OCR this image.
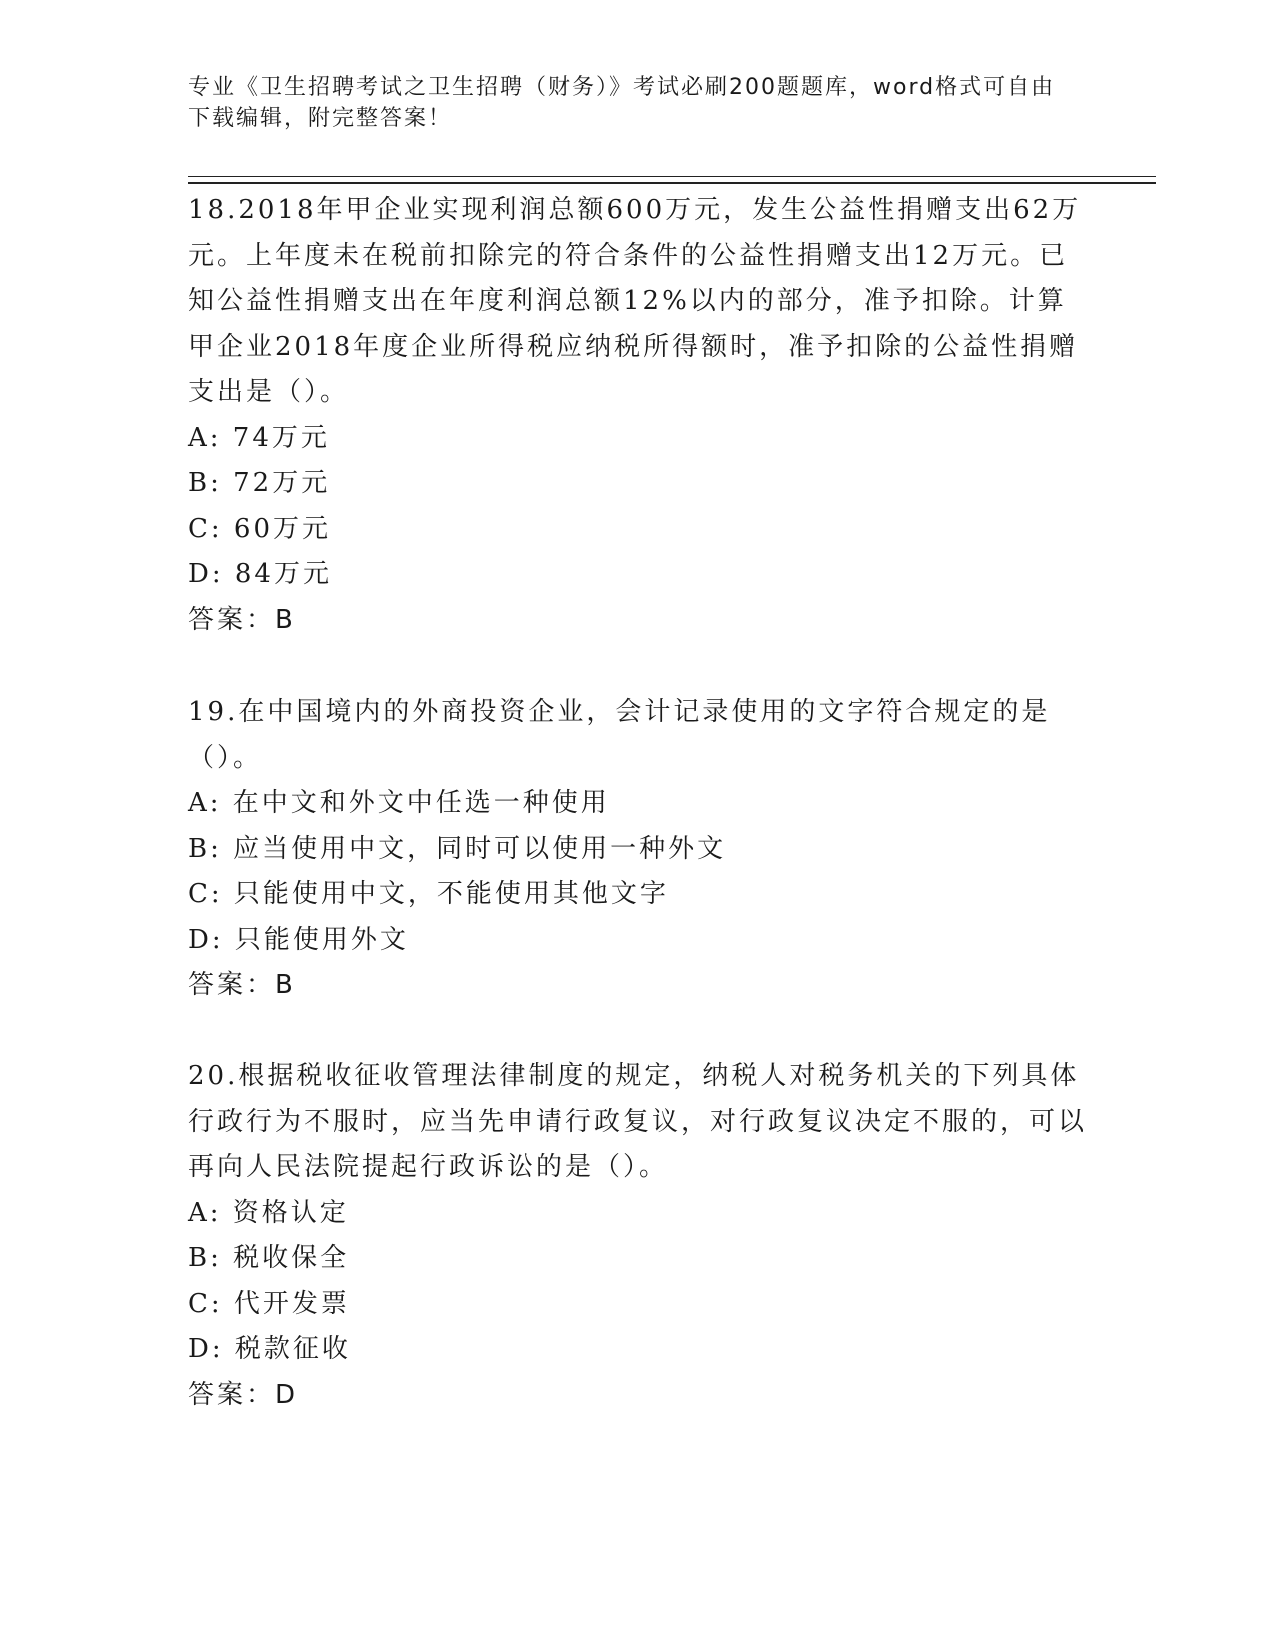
专业《卫生招聘考试之卫生招聘（财务）》考试必刷200题题库，word格式可自由下载编辑，附完整答案！

18.2018年甲企业实现利润总额600万元，发生公益性捐赠支出62万元。上年度未在税前扣除完的符合条件的公益性捐赠支出12万元。已知公益性捐赠支出在年度利润总额12%以内的部分，准予扣除。计算甲企业2018年度企业所得税应纳税所得额时，准予扣除的公益性捐赠支出是（）。

A: 74万元

B: 72万元

C: 60万元

D: 84万元

答案：B

19.在中国境内的外商投资企业，会计记录使用的文字符合规定的是（）。

A: 在中文和外文中任选一种使用

B: 应当使用中文，同时可以使用一种外文

C: 只能使用中文，不能使用其他文字

D: 只能使用外文

答案：B

20.根据税收征收管理法律制度的规定，纳税人对税务机关的下列具体行政行为不服时，应当先申请行政复议，对行政复议决定不服的，可以再向人民法院提起行政诉讼的是（）。

A: 资格认定

B: 税收保全

C: 代开发票

D: 税款征收

答案：D
